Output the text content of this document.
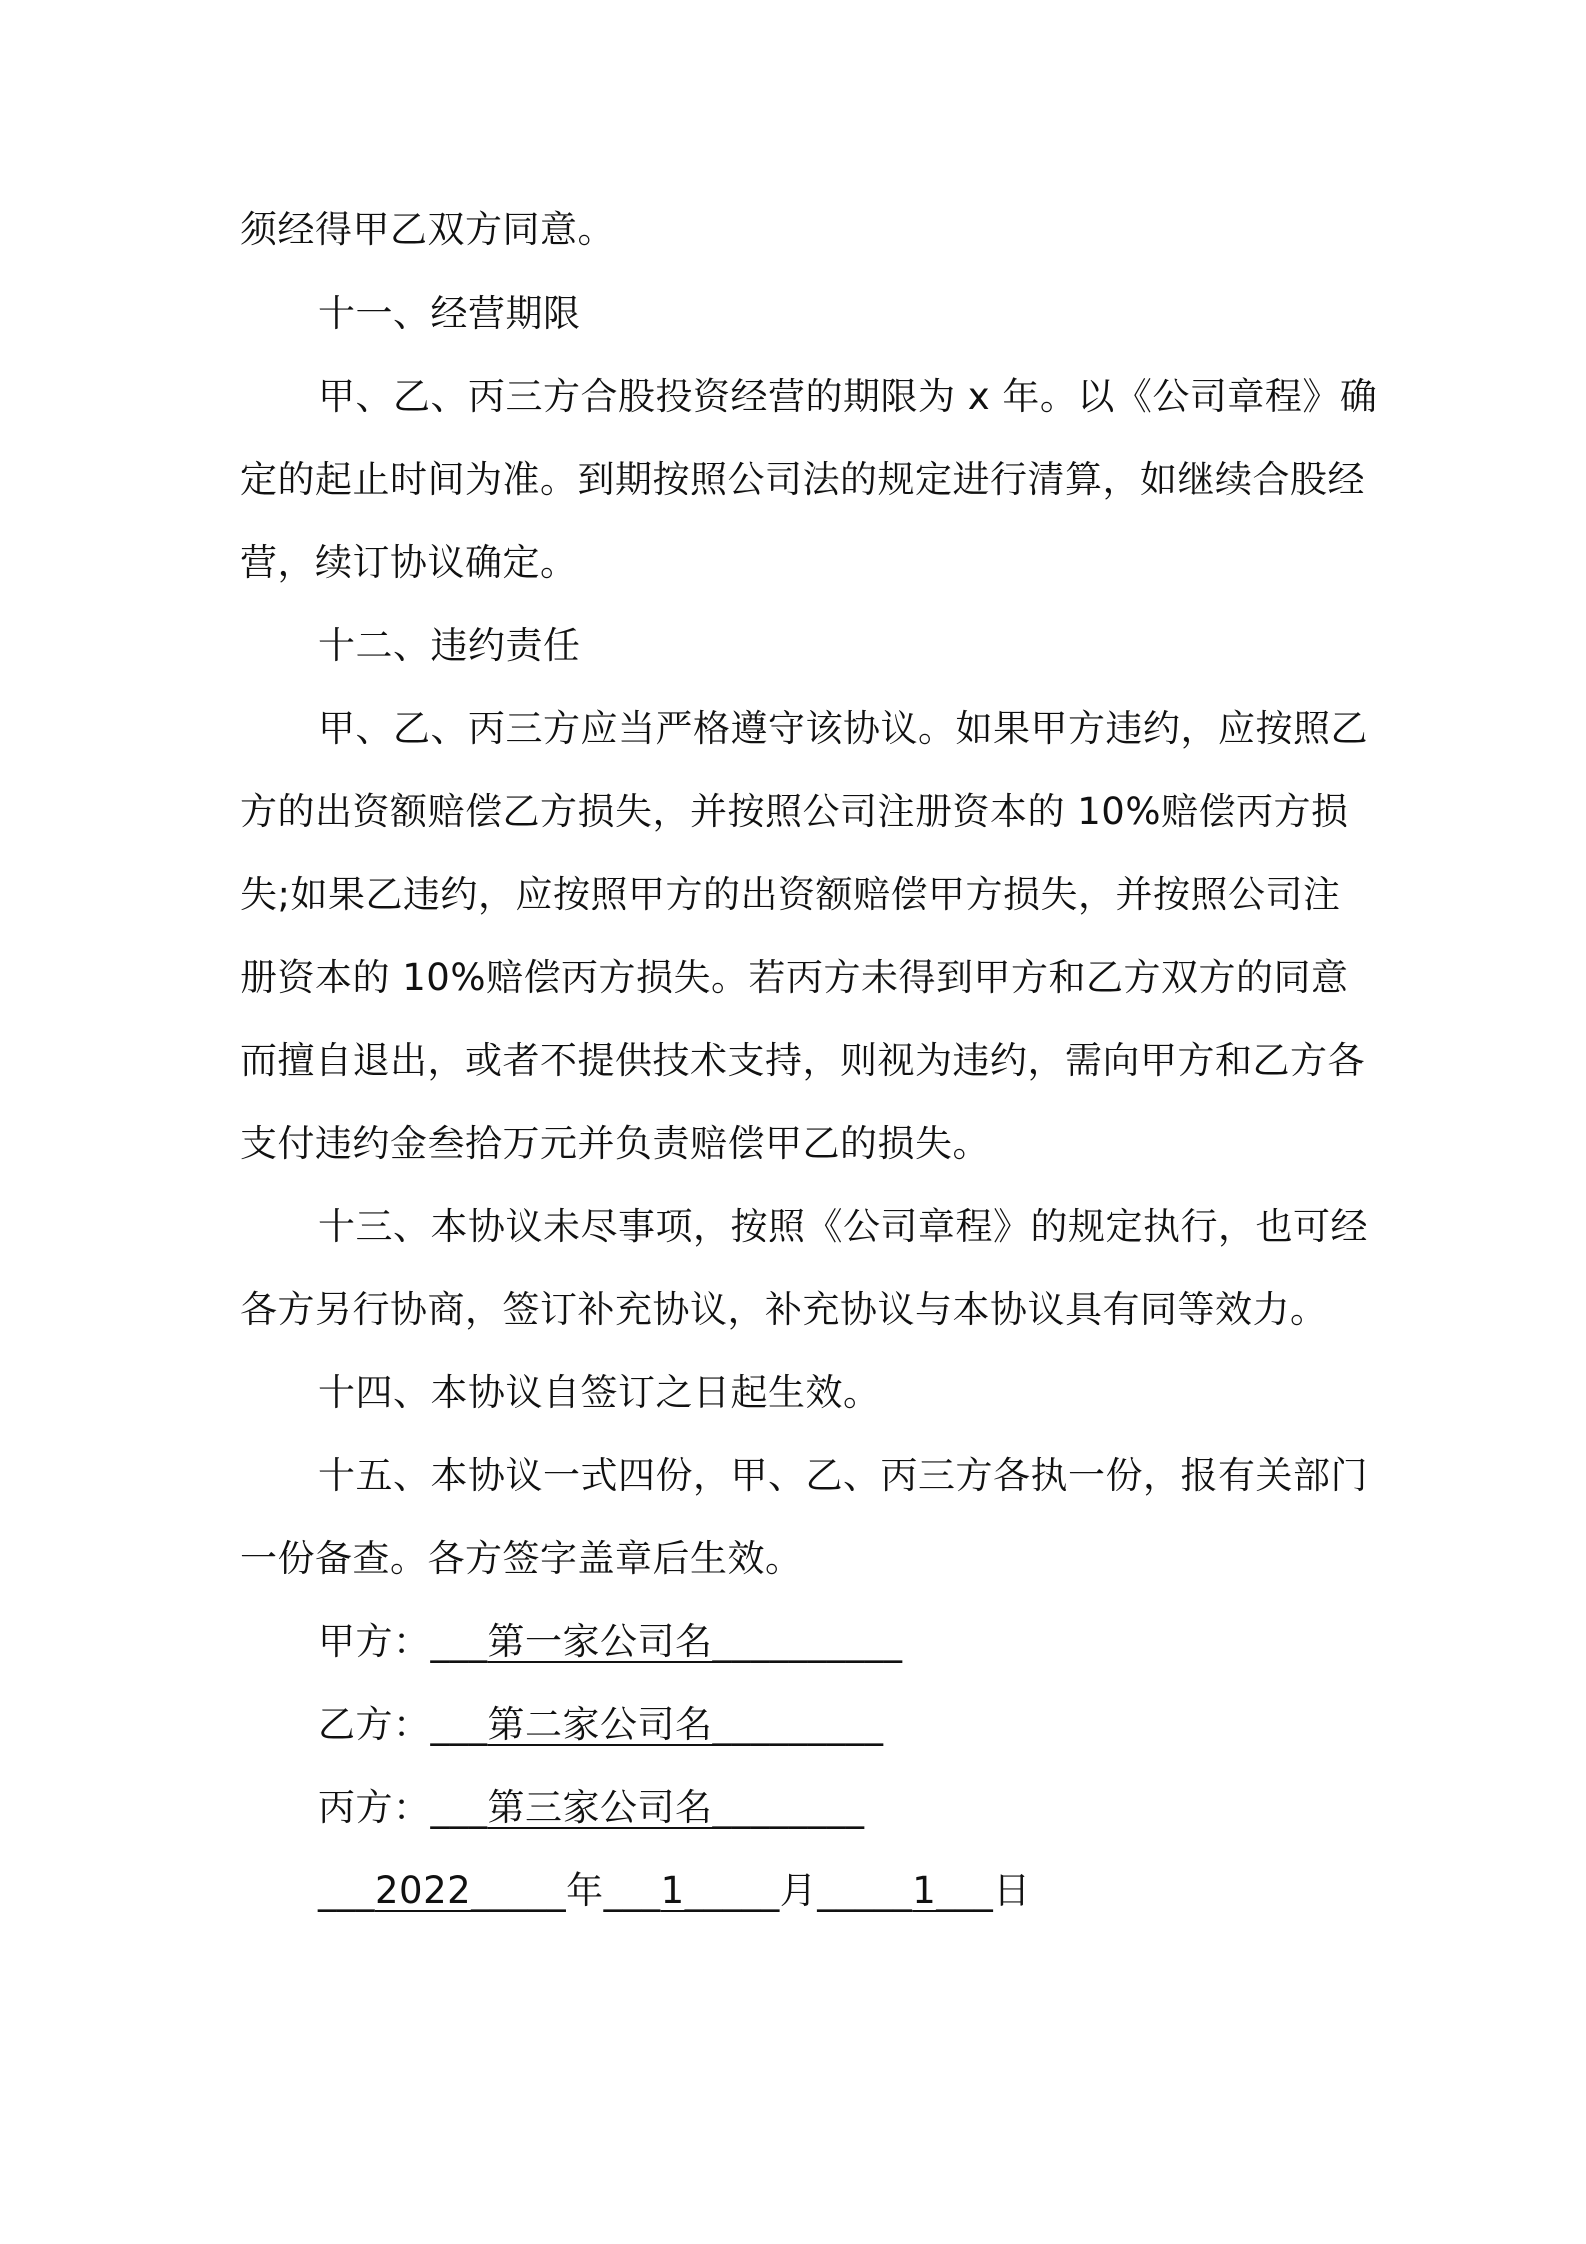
须经得甲乙双方同意。
十一、经营期限
甲、乙、丙三方合股投资经营的期限为 x 年。以《公司章程》确
定的起止时间为准。到期按照公司法的规定进行清算，如继续合股经
营，续订协议确定。
十二、违约责任
甲、乙、丙三方应当严格遵守该协议。如果甲方违约，应按照乙
方的出资额赔偿乙方损失，并按照公司注册资本的 10%赔偿丙方损
失;如果乙违约，应按照甲方的出资额赔偿甲方损失，并按照公司注
册资本的 10%赔偿丙方损失。若丙方未得到甲方和乙方双方的同意
而擅自退出，或者不提供技术支持，则视为违约，需向甲方和乙方各
支付违约金叁拾万元并负责赔偿甲乙的损失。
十三、本协议未尽事项，按照《公司章程》的规定执行，也可经
各方另行协商，签订补充协议，补充协议与本协议具有同等效力。
十四、本协议自签订之日起生效。
十五、本协议一式四份，甲、乙、丙三方各执一份，报有关部门
一份备查。各方签字盖章后生效。
甲方：___第一家公司名__________
乙方：___第二家公司名_________
丙方：___第三家公司名________
___2022_____年___1_____月_____1___日
